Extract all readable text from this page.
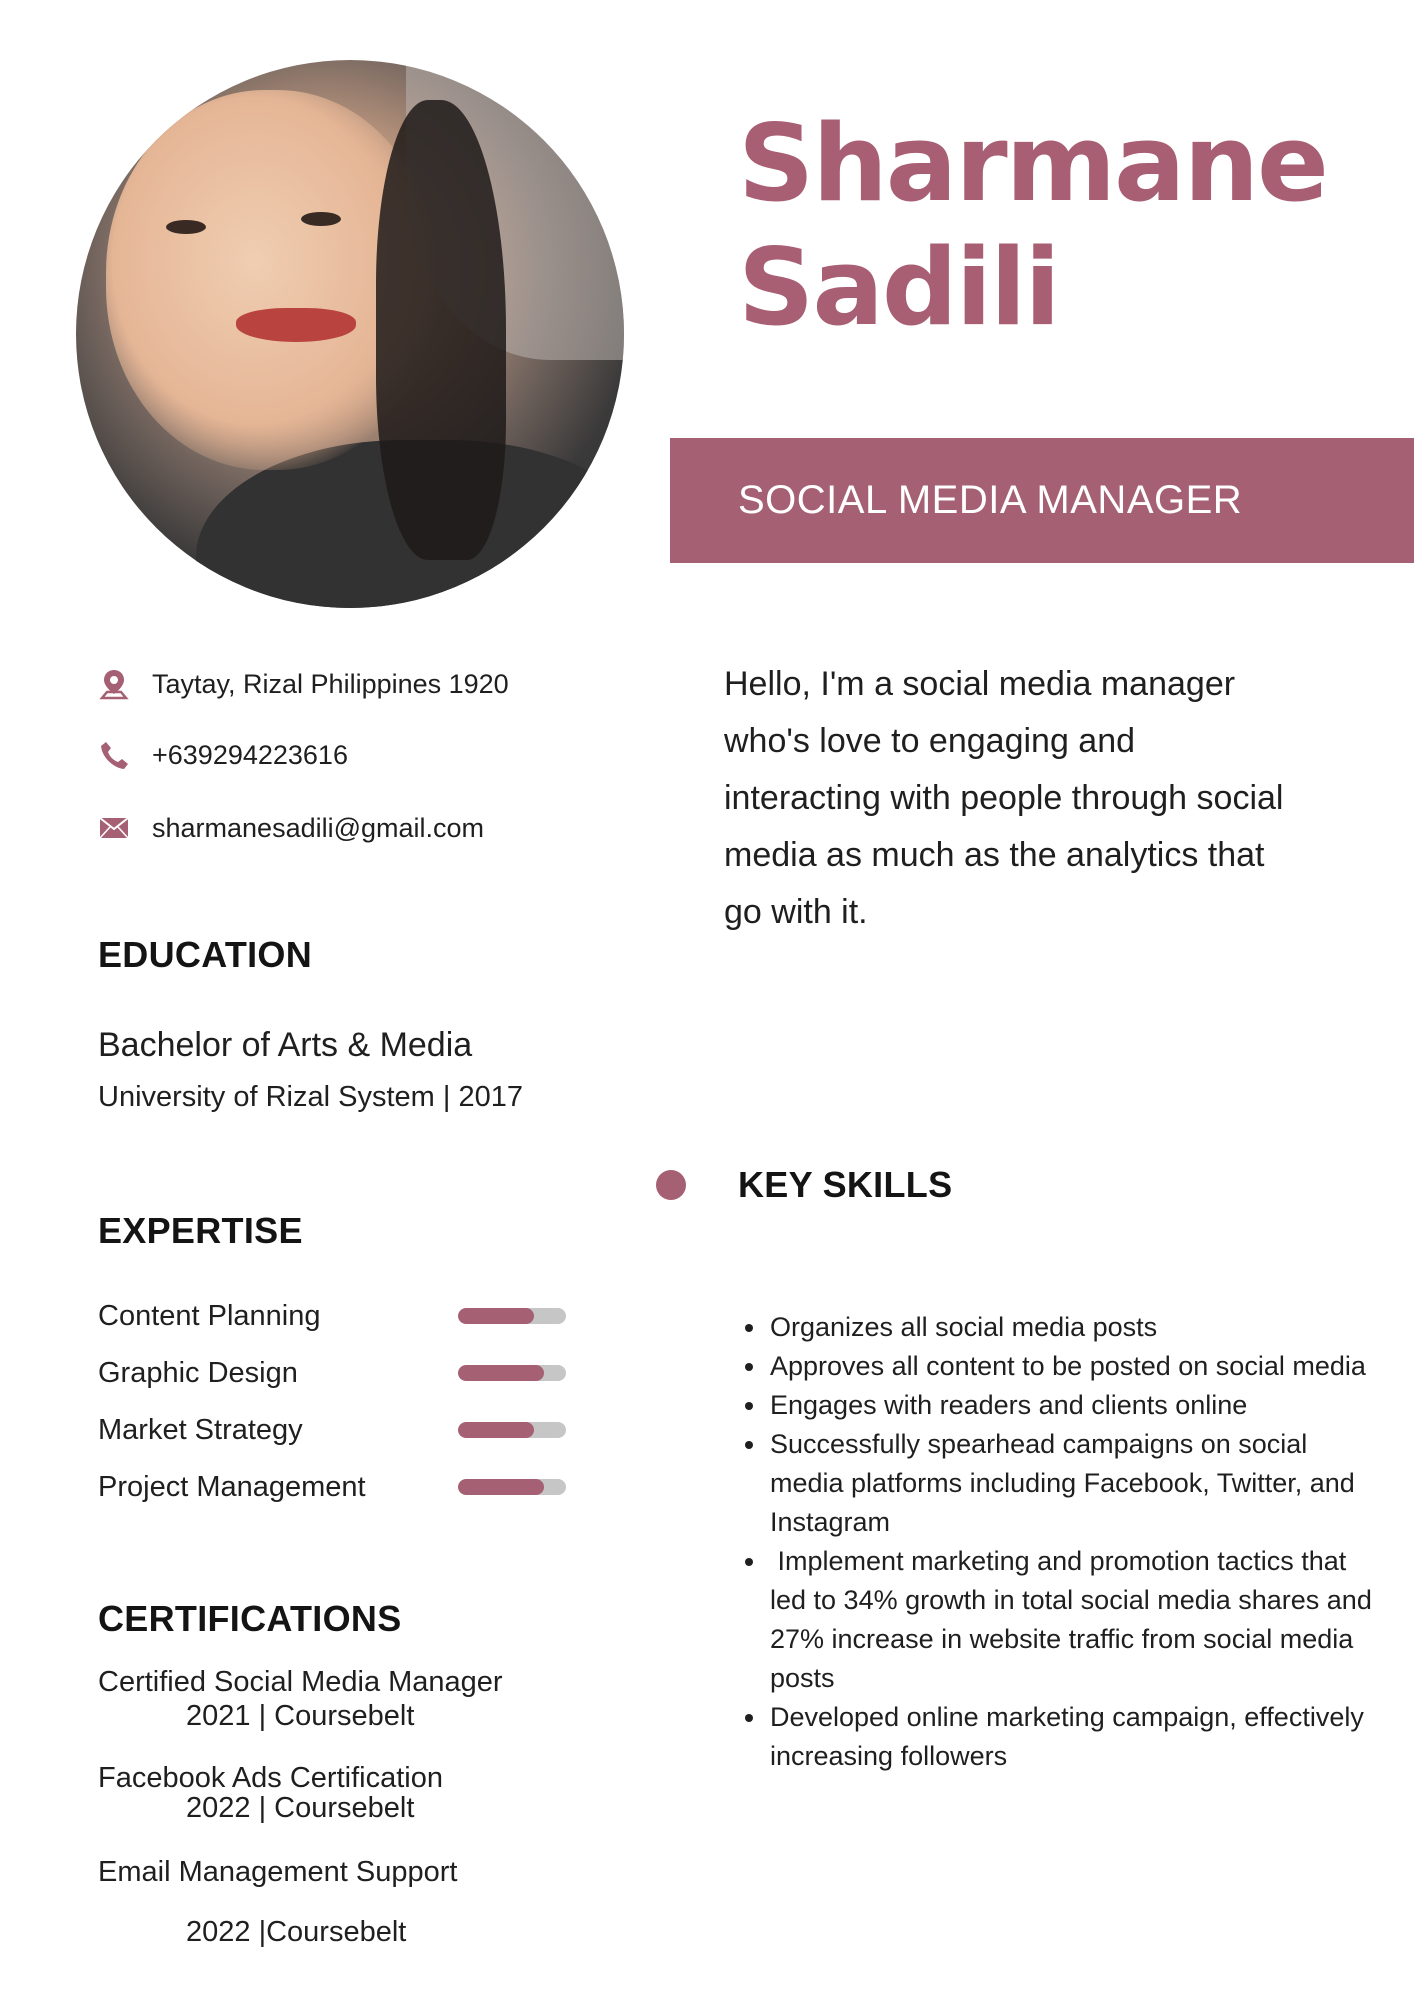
Sharmane
Sadili
SOCIAL MEDIA MANAGER
Taytay, Rizal Philippines 1920
+639294223616
sharmanesadili@gmail.com

Hello, I'm a social media manager who's love to engaging and interacting with people through social media as much as the analytics that go with it.

EDUCATION
Bachelor of Arts & Media
University of Rizal System | 2017
KEY SKILLS
EXPERTISE
Content Planning
Graphic Design
Market Strategy
Project Management
• Organizes all social media posts
• Approves all content to be posted on social media
• Engages with readers and clients online
• Successfully spearhead campaigns on social media platforms including Facebook, Twitter, and Instagram
•  Implement marketing and promotion tactics that led to 34% growth in total social media shares and 27% increase in website traffic from social media posts
• Developed online marketing campaign, effectively increasing followers
CERTIFICATIONS
Certified Social Media Manager
2021 | Coursebelt
Facebook Ads Certification
2022 | Coursebelt
Email Management Support
2022 |Coursebelt
